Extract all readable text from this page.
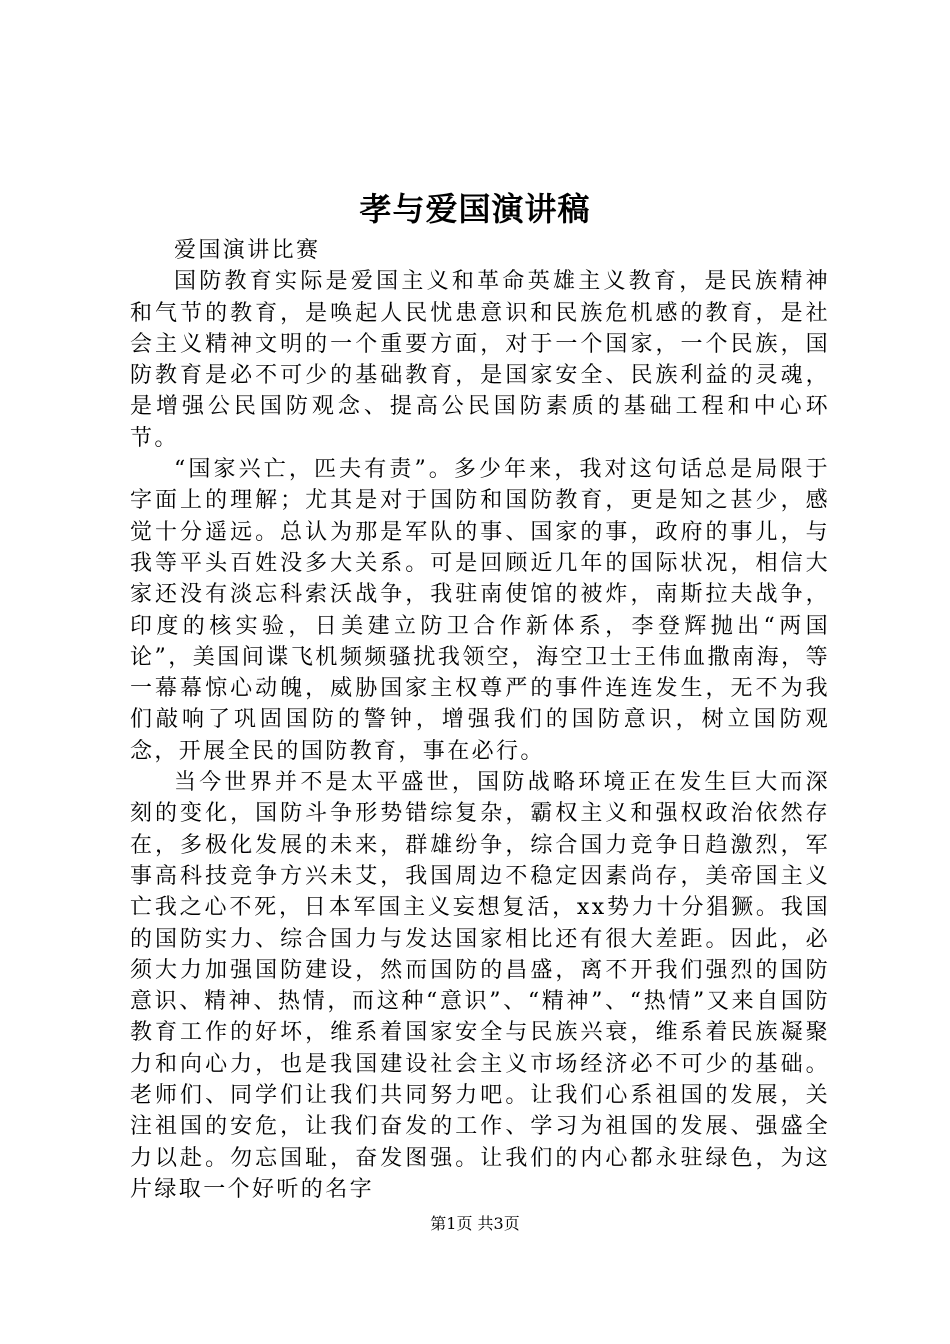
孝与爱国演讲稿

爱国演讲比赛

国防教育实际是爱国主义和革命英雄主义教育，是民族精神和气节的教育，是唤起人民忧患意识和民族危机感的教育，是社会主义精神文明的一个重要方面，对于一个国家，一个民族，国防教育是必不可少的基础教育，是国家安全、民族利益的灵魂，是增强公民国防观念、提高公民国防素质的基础工程和中心环节。

“国家兴亡，匹夫有责”。多少年来，我对这句话总是局限于字面上的理解；尤其是对于国防和国防教育，更是知之甚少，感觉十分遥远。总认为那是军队的事、国家的事，政府的事儿，与我等平头百姓没多大关系。可是回顾近几年的国际状况，相信大家还没有淡忘科索沃战争，我驻南使馆的被炸，南斯拉夫战争，印度的核实验，日美建立防卫合作新体系，李登辉抛出“两国论”，美国间谍飞机频频骚扰我领空，海空卫士王伟血撒南海，等一幕幕惊心动魄，威胁国家主权尊严的事件连连发生，无不为我们敲响了巩固国防的警钟，增强我们的国防意识，树立国防观念，开展全民的国防教育，事在必行。

当今世界并不是太平盛世，国防战略环境正在发生巨大而深刻的变化，国防斗争形势错综复杂，霸权主义和强权政治依然存在，多极化发展的未来，群雄纷争，综合国力竞争日趋激烈，军事高科技竞争方兴未艾，我国周边不稳定因素尚存，美帝国主义亡我之心不死，日本军国主义妄想复活，xx势力十分猖獗。我国的国防实力、综合国力与发达国家相比还有很大差距。因此，必须大力加强国防建设，然而国防的昌盛，离不开我们强烈的国防意识、精神、热情，而这种“意识”、“精神”、“热情”又来自国防教育工作的好坏，维系着国家安全与民族兴衰，维系着民族凝聚力和向心力，也是我国建设社会主义市场经济必不可少的基础。老师们、同学们让我们共同努力吧。让我们心系祖国的发展，关注祖国的安危，让我们奋发的工作、学习为祖国的发展、强盛全力以赴。勿忘国耻，奋发图强。让我们的内心都永驻绿色，为这片绿取一个好听的名字

第1页 共3页
